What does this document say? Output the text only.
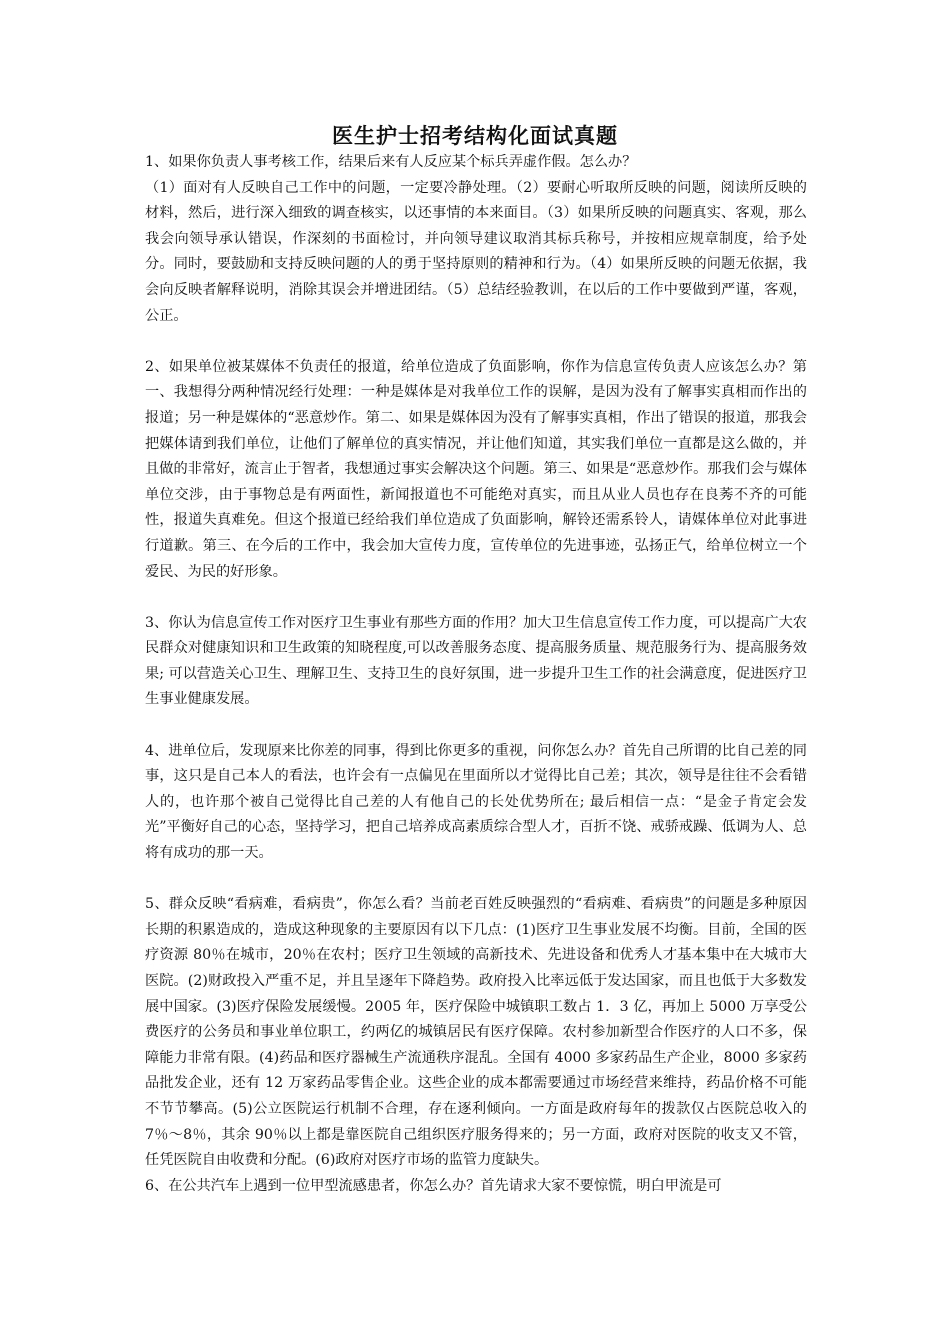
医生护士招考结构化面试真题

1、如果你负责人事考核工作，结果后来有人反应某个标兵弄虚作假。怎么办？

（1）面对有人反映自己工作中的问题，一定要冷静处理。（2）要耐心听取所反映的问题，阅读所反映的材料，然后，进行深入细致的调查核实，以还事情的本来面目。（3）如果所反映的问题真实、客观，那么我会向领导承认错误，作深刻的书面检讨，并向领导建议取消其标兵称号，并按相应规章制度，给予处分。同时，要鼓励和支持反映问题的人的勇于坚持原则的精神和行为。（4）如果所反映的问题无依据，我会向反映者解释说明，消除其误会并增进团结。（5）总结经验教训，在以后的工作中要做到严谨，客观，公正。

2、如果单位被某媒体不负责任的报道，给单位造成了负面影响，你作为信息宣传负责人应该怎么办？第一、我想得分两种情况经行处理：一种是媒体是对我单位工作的误解，是因为没有了解事实真相而作出的报道；另一种是媒体的“恶意炒作。第二、如果是媒体因为没有了解事实真相，作出了错误的报道，那我会把媒体请到我们单位，让他们了解单位的真实情况，并让他们知道，其实我们单位一直都是这么做的，并且做的非常好，流言止于智者，我想通过事实会解决这个问题。第三、如果是“恶意炒作。那我们会与媒体单位交涉，由于事物总是有两面性，新闻报道也不可能绝对真实，而且从业人员也存在良莠不齐的可能性，报道失真难免。但这个报道已经给我们单位造成了负面影响，解铃还需系铃人，请媒体单位对此事进行道歉。第三、在今后的工作中，我会加大宣传力度，宣传单位的先进事迹，弘扬正气，给单位树立一个爱民、为民的好形象。

3、你认为信息宣传工作对医疗卫生事业有那些方面的作用？加大卫生信息宣传工作力度，可以提高广大农民群众对健康知识和卫生政策的知晓程度,可以改善服务态度、提高服务质量、规范服务行为、提高服务效果; 可以营造关心卫生、理解卫生、支持卫生的良好氛围，进一步提升卫生工作的社会满意度，促进医疗卫生事业健康发展。

4、进单位后，发现原来比你差的同事，得到比你更多的重视，问你怎么办？首先自己所谓的比自己差的同事，这只是自己本人的看法，也许会有一点偏见在里面所以才觉得比自己差；其次，领导是往往不会看错人的，也许那个被自己觉得比自己差的人有他自己的长处优势所在; 最后相信一点：“是金子肯定会发光”平衡好自己的心态，坚持学习，把自己培养成高素质综合型人才，百折不饶、戒骄戒躁、低调为人、总将有成功的那一天。

5、群众反映“看病难，看病贵”，你怎么看？当前老百姓反映强烈的“看病难、看病贵”的问题是多种原因长期的积累造成的，造成这种现象的主要原因有以下几点：(1)医疗卫生事业发展不均衡。目前，全国的医疗资源 80％在城市，20％在农村；医疗卫生领域的高新技术、先进设备和优秀人才基本集中在大城市大医院。(2)财政投入严重不足，并且呈逐年下降趋势。政府投入比率远低于发达国家，而且也低于大多数发展中国家。(3)医疗保险发展缓慢。2005 年，医疗保险中城镇职工数占 1．3 亿，再加上 5000 万享受公费医疗的公务员和事业单位职工，约两亿的城镇居民有医疗保障。农村参加新型合作医疗的人口不多，保障能力非常有限。(4)药品和医疗器械生产流通秩序混乱。全国有 4000 多家药品生产企业，8000 多家药品批发企业，还有 12 万家药品零售企业。这些企业的成本都需要通过市场经营来维持，药品价格不可能不节节攀高。(5)公立医院运行机制不合理，存在逐利倾向。一方面是政府每年的拨款仅占医院总收入的 7％～8％，其余 90％以上都是靠医院自己组织医疗服务得来的；另一方面，政府对医院的收支又不管，任凭医院自由收费和分配。(6)政府对医疗市场的监管力度缺失。

6、在公共汽车上遇到一位甲型流感患者，你怎么办？首先请求大家不要惊慌，明白甲流是可
